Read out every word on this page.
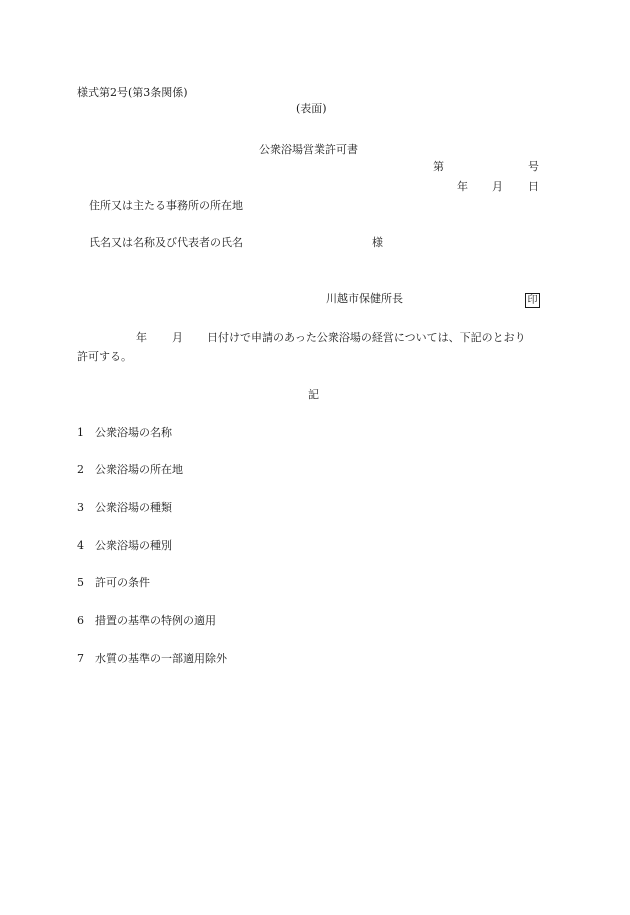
様式第2号(第3条関係)
(表面)
公衆浴場営業許可書
第	号
年 月 日
住所又は主たる事務所の所在地
氏名又は名称及び代表者の氏名	様
川越市保健所長	印
年 月 日付けで申請のあった公衆浴場の経営については、下記のとおり
許可する。
記
1 公衆浴場の名称
2 公衆浴場の所在地
3 公衆浴場の種類
4 公衆浴場の種別
5 許可の条件
6 措置の基準の特例の適用
7 水質の基準の一部適用除外
